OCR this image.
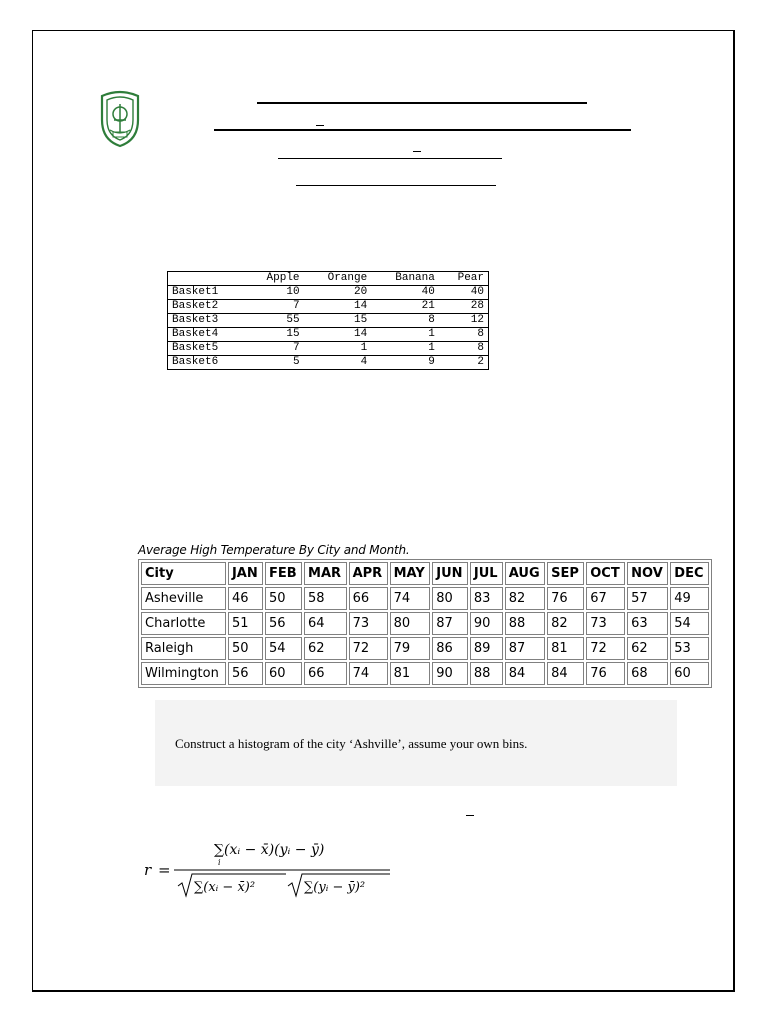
	Apple	Orange	Banana	Pear
Basket1	10	20	40	40
Basket2	7	14	21	28
Basket3	55	15	8	12
Basket4	15	14	1	8
Basket5	7	1	1	8
Basket6	5	4	9	2
Average High Temperature By City and Month.
City	JAN	FEB	MAR	APR	MAY	JUN	JUL	AUG	SEP	OCT	NOV	DEC
Asheville	46	50	58	66	74	80	83	82	76	67	57	49
Charlotte	51	56	64	73	80	87	90	88	82	73	63	54
Raleigh	50	54	62	72	79	86	89	87	81	72	62	53
Wilmington	56	60	66	74	81	90	88	84	84	76	68	60
Construct a histogram of the city ‘Ashville’, assume your own bins.
r =
∑(xᵢ − x̄)(yᵢ − ȳ)
i
∑(xᵢ − x̄)²	∑(yᵢ − ȳ)²
